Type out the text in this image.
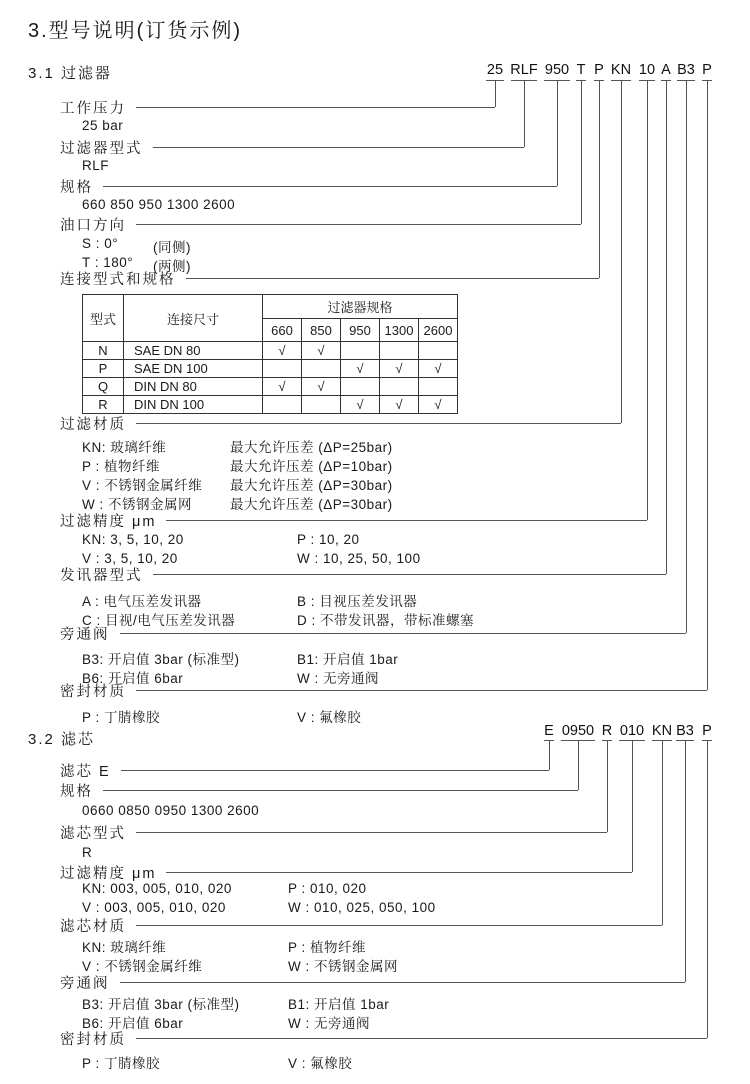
3.型号说明(订货示例)
3.1 过滤器	25 RLF 950 T P KN 10 A B3 P
工作压力
25 bar
过滤器型式
RLF
规格
660 850 950 1300 2600
油口方向
S : 0°	(同侧)
T : 180°	(两侧)
连接型式和规格
型式	连接尺寸	过滤器规格				
		660	850	950	1300	2600
N	SAE DN 80	√	√			
P	SAE DN 100			√	√	√
Q	DIN DN 80	√	√			
R	DIN DN 100			√	√	√
过滤材质
KN: 玻璃纤维	最大允许压差 (ΔP=25bar)
P : 植物纤维	最大允许压差 (ΔP=10bar)
V : 不锈钢金属纤维	最大允许压差 (ΔP=30bar)
W : 不锈钢金属网	最大允许压差 (ΔP=30bar)
过滤精度 μm
KN: 3, 5, 10, 20	P : 10, 20
V : 3, 5, 10, 20	W : 10, 25, 50, 100
发讯器型式
A : 电气压差发讯器	B : 目视压差发讯器
C : 目视/电气压差发讯器	D : 不带发讯器，带标准螺塞
旁通阀
B3: 开启值 3bar (标准型)	B1: 开启值 1bar
B6: 开启值 6bar	W : 无旁通阀
密封材质
P : 丁腈橡胶	V : 氟橡胶
3.2 滤芯	E 0950 R 010 KN B3 P
滤芯 E
规格
0660 0850 0950 1300 2600
滤芯型式
R
过滤精度 μm
KN: 003, 005, 010, 020	P : 010, 020
V : 003, 005, 010, 020	W : 010, 025, 050, 100
滤芯材质
KN: 玻璃纤维	P : 植物纤维
V : 不锈钢金属纤维	W : 不锈钢金属网
旁通阀
B3: 开启值 3bar (标准型)	B1: 开启值 1bar
B6: 开启值 6bar	W : 无旁通阀
密封材质
P : 丁腈橡胶	V : 氟橡胶
